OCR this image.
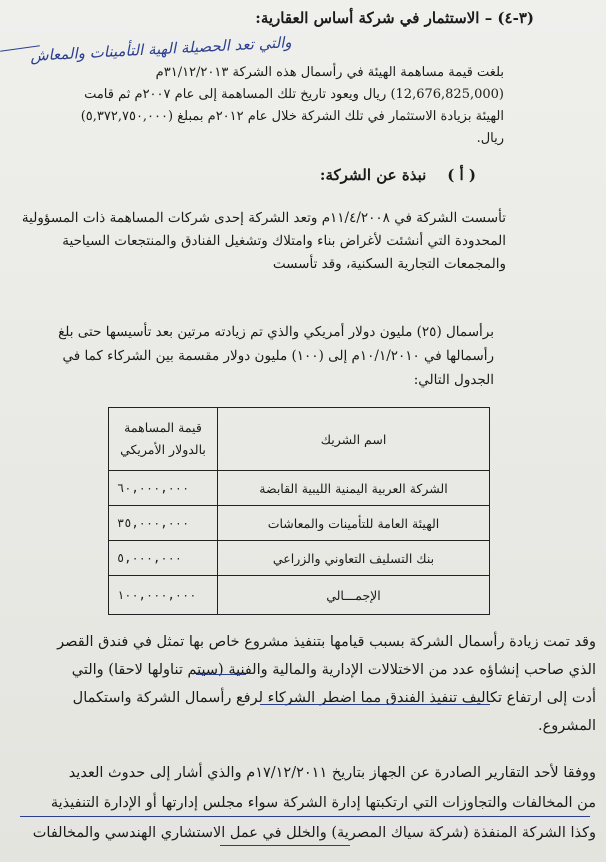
(٣-٤) – الاستثمار في شركة أساس العقارية:
والتي تعد الحصيلة الهية التأمينات والمعاش
بلغت قيمة مساهمة الهيئة في رأسمال هذه الشركة ٣١/١٢/٢٠١٣م
(12,676,825,000) ريال ويعود تاريخ تلك المساهمة إلى عام ٢٠٠٧م ثم قامت
الهيئة بزيادة الاستثمار في تلك الشركة خلال عام ٢٠١٢م بمبلغ (٥,٣٧٢,٧٥٠,٠٠٠)
ريال.
( أ )    نبذة عن الشركة:
تأسست الشركة في ١١/٤/٢٠٠٨م وتعد الشركة إحدى شركات المساهمة ذات المسؤولية
المحدودة التي أنشئت لأغراض بناء وامتلاك وتشغيل الفنادق والمنتجعات السياحية
والمجمعات التجارية السكنية، وقد تأسست
برأسمال (٢٥) مليون دولار أمريكي والذي تم زيادته مرتين بعد تأسيسها حتى بلغ
رأسمالها في ١٠/١/٢٠١٠م إلى (١٠٠) مليون دولار مقسمة بين الشركاء كما في
الجدول التالي:
اسم الشريك	قيمة المساهمة بالدولار الأمريكي
الشركة العربية اليمنية الليبية القابضة	٦٠,٠٠٠,٠٠٠
الهيئة العامة للتأمينات والمعاشات	٣٥,٠٠٠,٠٠٠
بنك التسليف التعاوني والزراعي	٥,٠٠٠,٠٠٠
الإجمـــالي	١٠٠,٠٠٠,٠٠٠
وقد تمت زيادة رأسمال الشركة بسبب قيامها بتنفيذ مشروع خاص بها تمثل في فندق القصر
الذي صاحب إنشاؤه عدد من الاختلالات الإدارية والمالية والفنية (سيتم تناولها لاحقا) والتي
أدت إلى ارتفاع تكاليف تنفيذ الفندق مما اضطر الشركاء لرفع رأسمال الشركة واستكمال
المشروع.
ووفقا لأحد التقارير الصادرة عن الجهاز بتاريخ ١٧/١٢/٢٠١١م والذي أشار إلى حدوث العديد
من المخالفات والتجاوزات التي ارتكبتها إدارة الشركة سواء مجلس إدارتها أو الإدارة التنفيذية
وكذا الشركة المنفذة (شركة سياك المصرية) والخلل في عمل الاستشاري الهندسي والمخالفات
